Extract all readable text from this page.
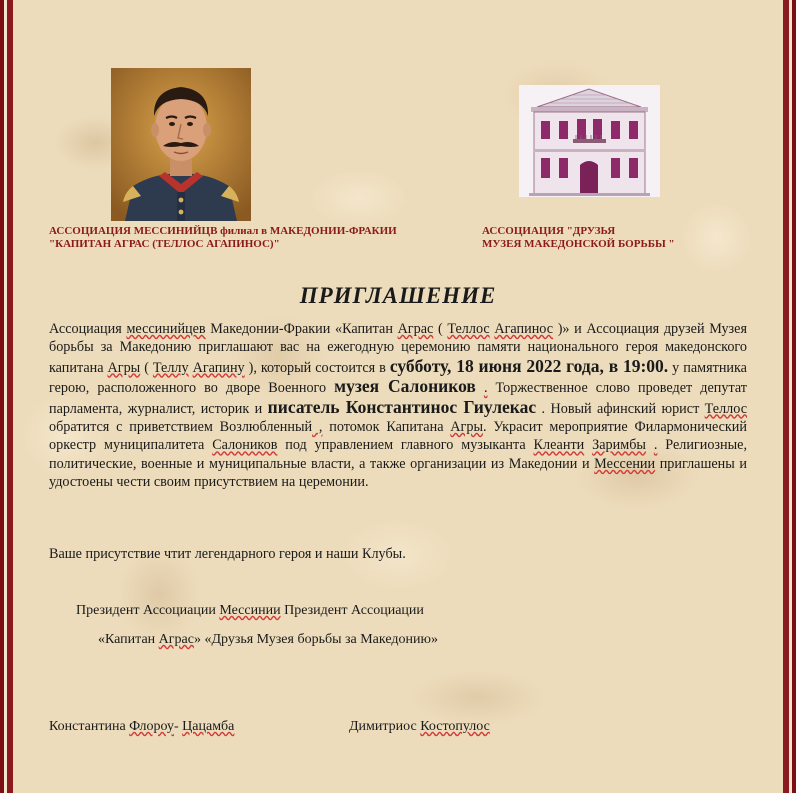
АССОЦИАЦИЯ МЕССИНИЙЦВ филиал в МАКЕДОНИИ-ФРАКИИ
"КАПИТАН АГРАС (ТЕЛЛОС АГАПИНОС)"

АССОЦИАЦИЯ "ДРУЗЬЯ
МУЗЕЯ МАКЕДОНСКОЙ БОРЬБЫ "

ПРИГЛАШЕНИЕ

Ассоциация мессинийцев Македонии-Фракии «Капитан Аграс ( Теллос Агапинос )» и Ассоциация друзей Музея борьбы за Македонию приглашают вас на ежегодную церемонию памяти национального героя македонского капитана Агры ( Теллу Агапину ), который состоится в субботу, 18 июня 2022 года, в 19:00. у памятника герою, расположенного во дворе Военного музея Салоников . Торжественное слово проведет депутат парламента, журналист, историк и писатель Константинос Гиулекас . Новый афинский юрист Теллос обратится с приветствием Возлюбленный , потомок Капитана Агры. Украсит мероприятие Филармонический оркестр муниципалитета Салоников под управлением главного музыканта Клеанти Заримбы . Религиозные, политические, военные и муниципальные власти, а также организации из Македонии и Мессении приглашены и удостоены чести своим присутствием на церемонии.

Ваше присутствие чтит легендарного героя и наши Клубы.

Президент Ассоциации Мессинии Президент Ассоциации

«Капитан Аграс» «Друзья Музея борьбы за Македонию»

Константина Флороу- Цацамба	Димитриос Костопулос
